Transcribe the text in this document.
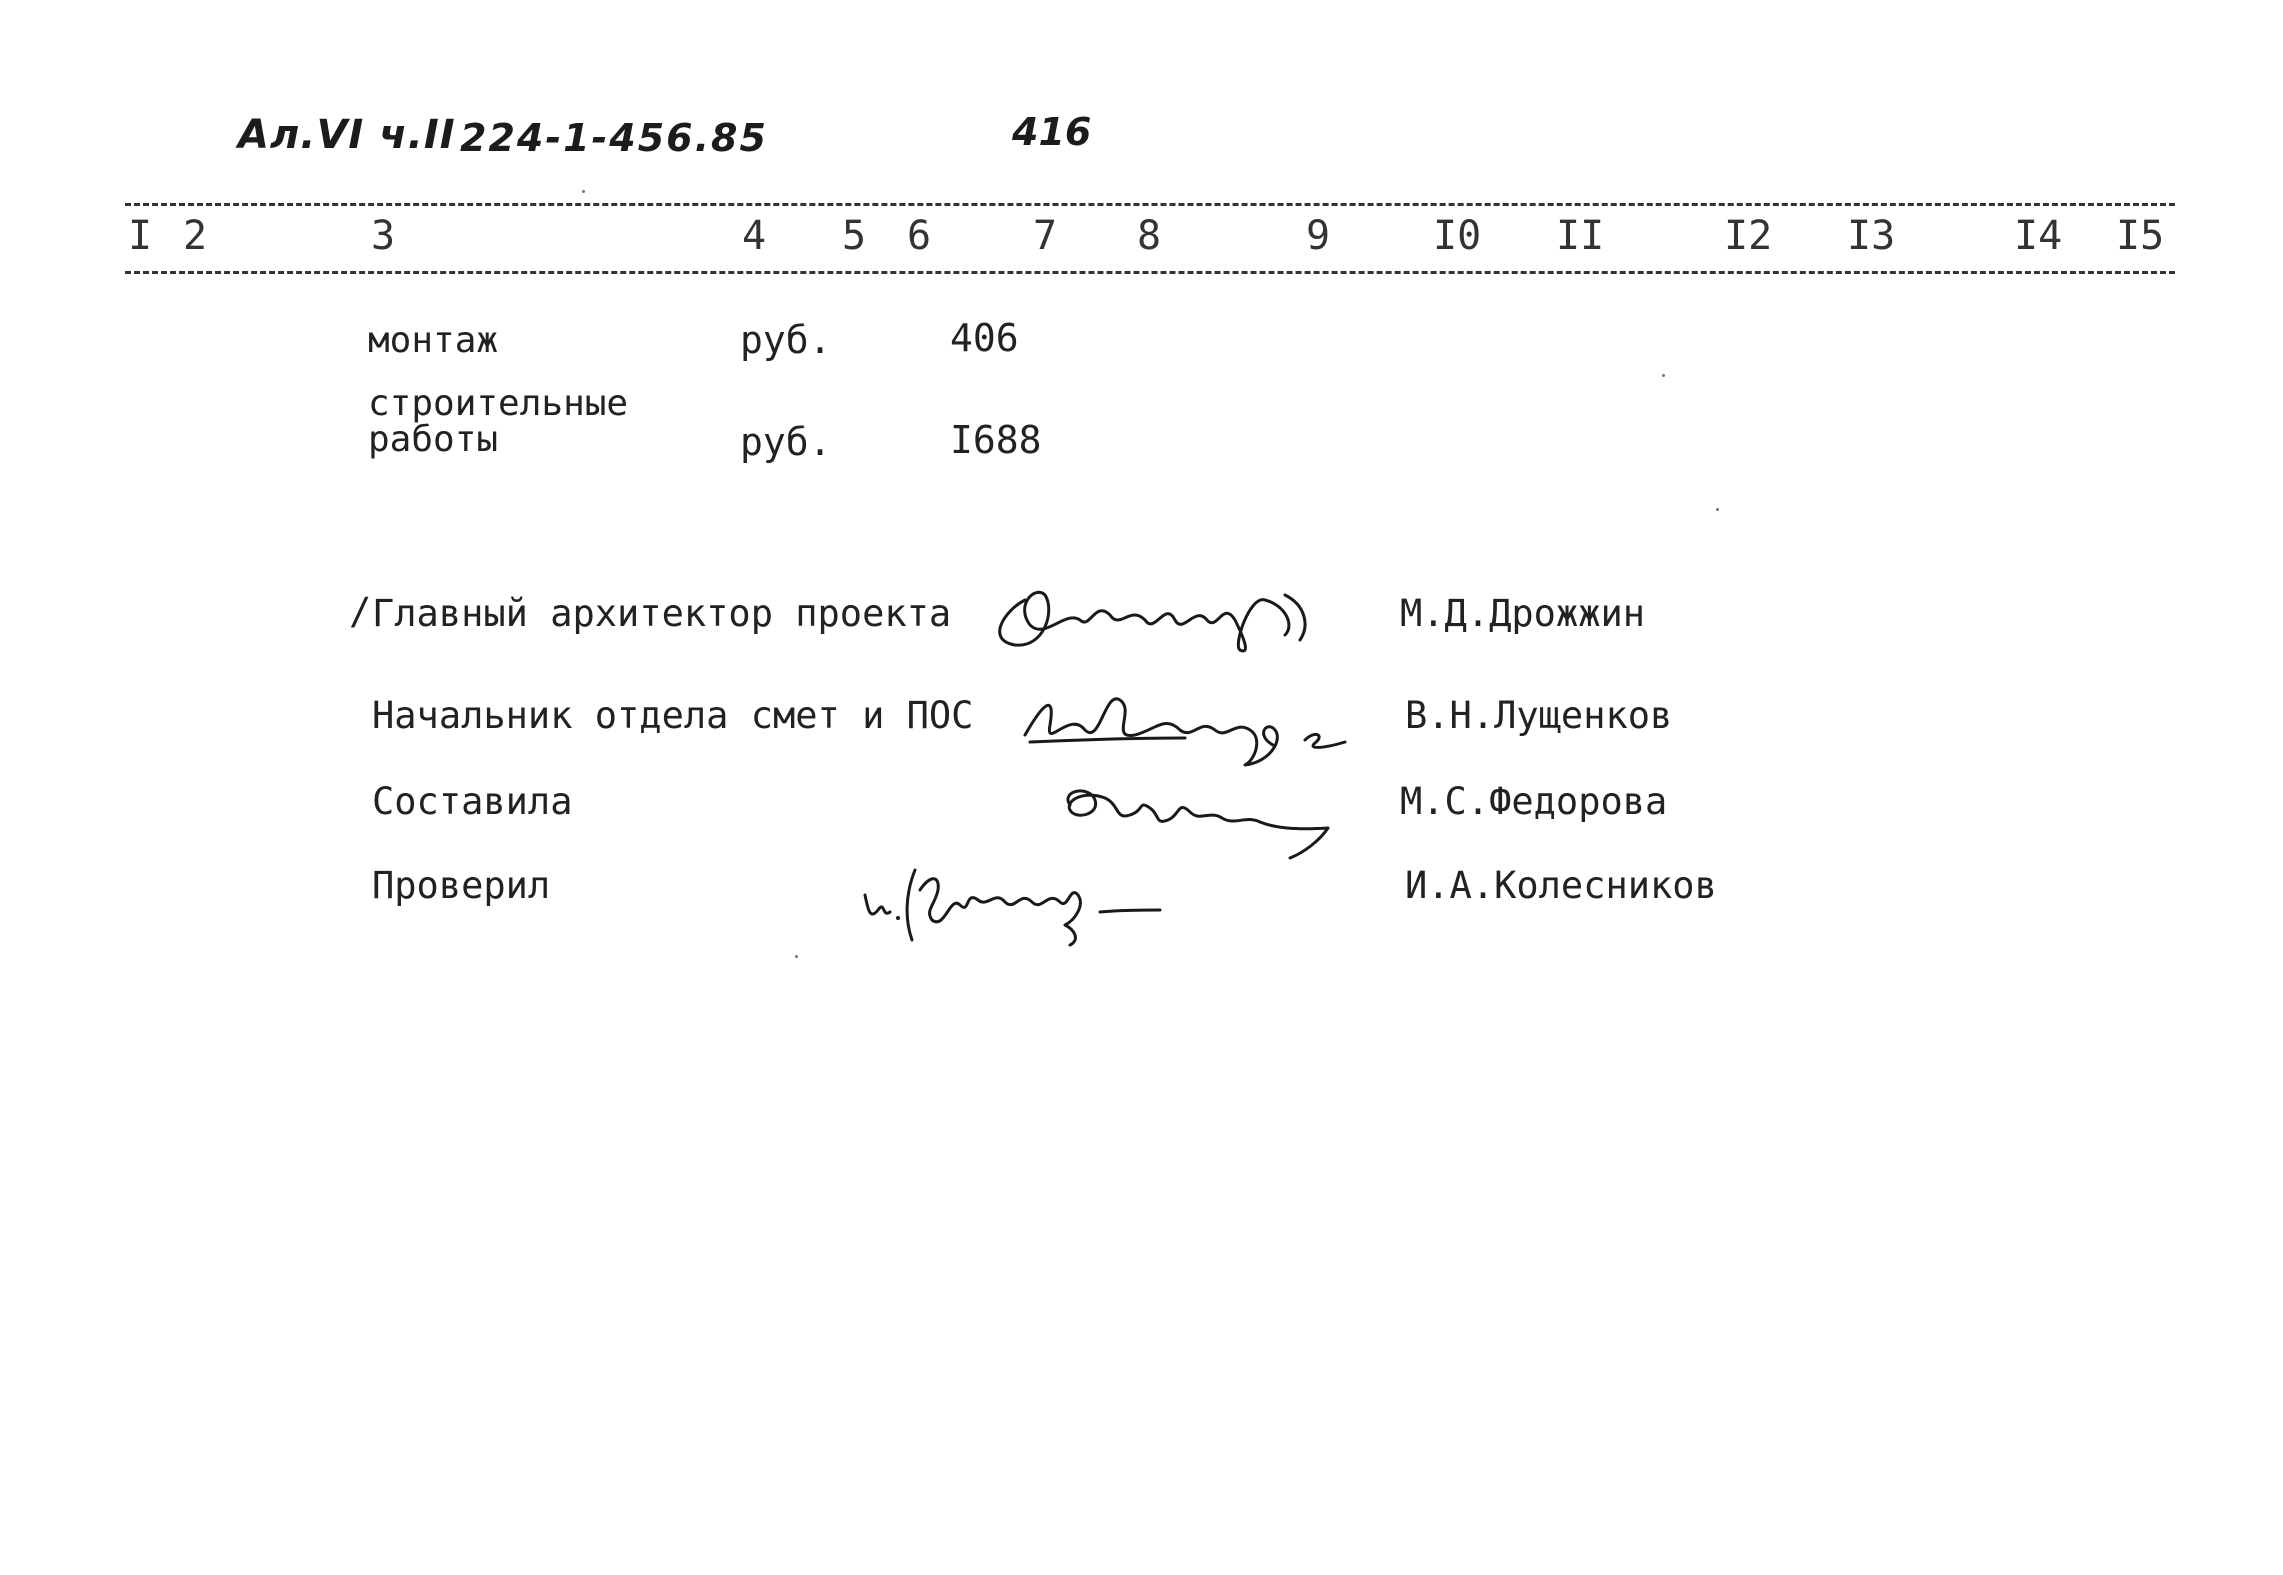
Ал.VI ч.II 224-1-456.85	416
I 2	3	4 5 6	7 8	9	I0 II	I2 I3	I4 I5
монтаж	руб.	406
строительные
работы	руб.	I688
/ Главный архитектор проекта	М.Д.Дрожжин
Начальник отдела смет и ПОС	В.Н.Лущенков
Составила	М.С.Федорова
Проверил	И.А.Колесников
